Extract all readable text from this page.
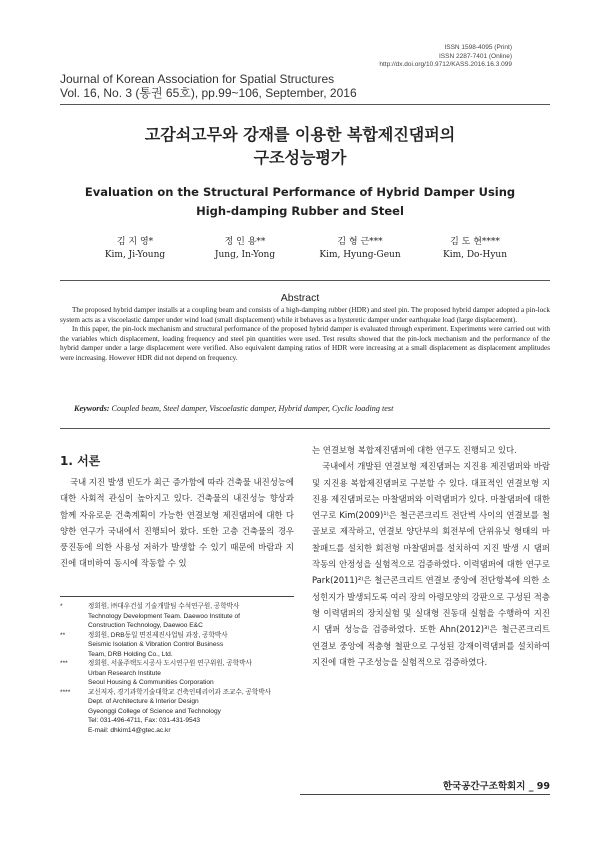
ISSN 1598-4095 (Print)
ISSN 2287-7401 (Online)
http://dx.doi.org/10.9712/KASS.2016.16.3.099
Journal of Korean Association for Spatial Structures
Vol. 16, No. 3 (통권 65호), pp.99~106, September, 2016
고감쇠고무와 강재를 이용한 복합제진댐퍼의
구조성능평가
Evaluation on the Structural Performance of Hybrid Damper Using
High-damping Rubber and Steel
김 지 영*
Kim, Ji-Young
정 인 용**
Jung, In-Yong
김 형 근***
Kim, Hyung-Geun
김 도 현****
Kim, Do-Hyun
Abstract

The proposed hybrid damper installs at a coupling beam and consists of a high-damping rubber (HDR) and steel pin. The proposed hybrid damper adopted a pin-lock system acts as a viscoelastic damper under wind load (small displacement) while it behaves as a hysteretic damper under earthquake load (large displacement).

In this paper, the pin-lock mechanism and structural performance of the proposed hybrid damper is evaluated through experiment. Experiments were carried out with the variables which displacement, loading frequency and steel pin quantities were used. Test results showed that the pin-lock mechanism and the performance of the hybrid damper under a large displacement were verified. Also equivalent damping ratios of HDR were increasing at a small displacement as displacement amplitudes were increasing. However HDR did not depend on frequency.

Keywords: Coupled beam, Steel damper, Viscoelastic damper, Hybrid damper, Cyclic loading test
1. 서론

국내 지진 발생 빈도가 최근 증가함에 따라 건축물 내진성능에 대한 사회적 관심이 높아지고 있다. 건축물의 내진성능 향상과 함께 자유로운 건축계획이 가능한 연결보형 제진댐퍼에 대한 다양한 연구가 국내에서 진행되어 왔다. 또한 고층 건축물의 경우 풍진동에 의한 사용성 저하가 발생할 수 있기 때문에 바람과 지진에 대비하여 동시에 작동할 수 있

는 연결보형 복합제진댐퍼에 대한 연구도 진행되고 있다.

국내에서 개발된 연결보형 제진댐퍼는 지진용 제진댐퍼와 바람 및 지진용 복합제진댐퍼로 구분할 수 있다. 대표적인 연결보형 지진용 제진댐퍼로는 마찰댐퍼와 이력댐퍼가 있다. 마찰댐퍼에 대한 연구로 Kim(2009)¹⁾은 철근콘크리트 전단벽 사이의 연결보를 철골보로 제작하고, 연결보 양단부의 회전부에 단위유닛 형태의 마찰패드를 설치한 회전형 마찰댐퍼를 설치하여 지진 발생 시 댐퍼 작동의 안정성을 실험적으로 검증하였다. 이력댐퍼에 대한 연구로 Park(2011)²⁾은 철근콘크리트 연결보 중앙에 전단항복에 의한 소성힌지가 발생되도록 여러 장의 아령모양의 강판으로 구성된 적층형 이력댐퍼의 장치실험 및 실대형 진동대 실험을 수행하여 지진 시 댐퍼 성능을 검증하였다. 또한 Ahn(2012)³⁾은 철근콘크리트 연결보 중앙에 적층형 철판으로 구성된 강재이력댐퍼를 설치하여 지진에 대한 구조성능을 실험적으로 검증하였다.

*	정회원, ㈜대우건설 기술개발팀 수석연구원, 공학박사
Technology Development Team. Daewoo Institute of
Construction Technology, Daewoo E&C
**	정회원, DRB동일 면진제진사업팀 과장, 공학박사
Seismic Isolation & Vibration Control Business
Team, DRB Holding Co., Ltd.
***	정회원, 서울주택도시공사 도시연구원 연구위원, 공학박사
Urban Research Institute
Seoul Housing & Communities Corporation
****	교신저자, 경기과학기술대학교 건축인테리어과 조교수, 공학박사
Dept. of Architecture & Interior Design
Gyeonggi College of Science and Technology
Tel: 031-496-4711, Fax: 031-431-9543
E-mail: dhkim14@gtec.ac.kr
한국공간구조학회지 _ 99
